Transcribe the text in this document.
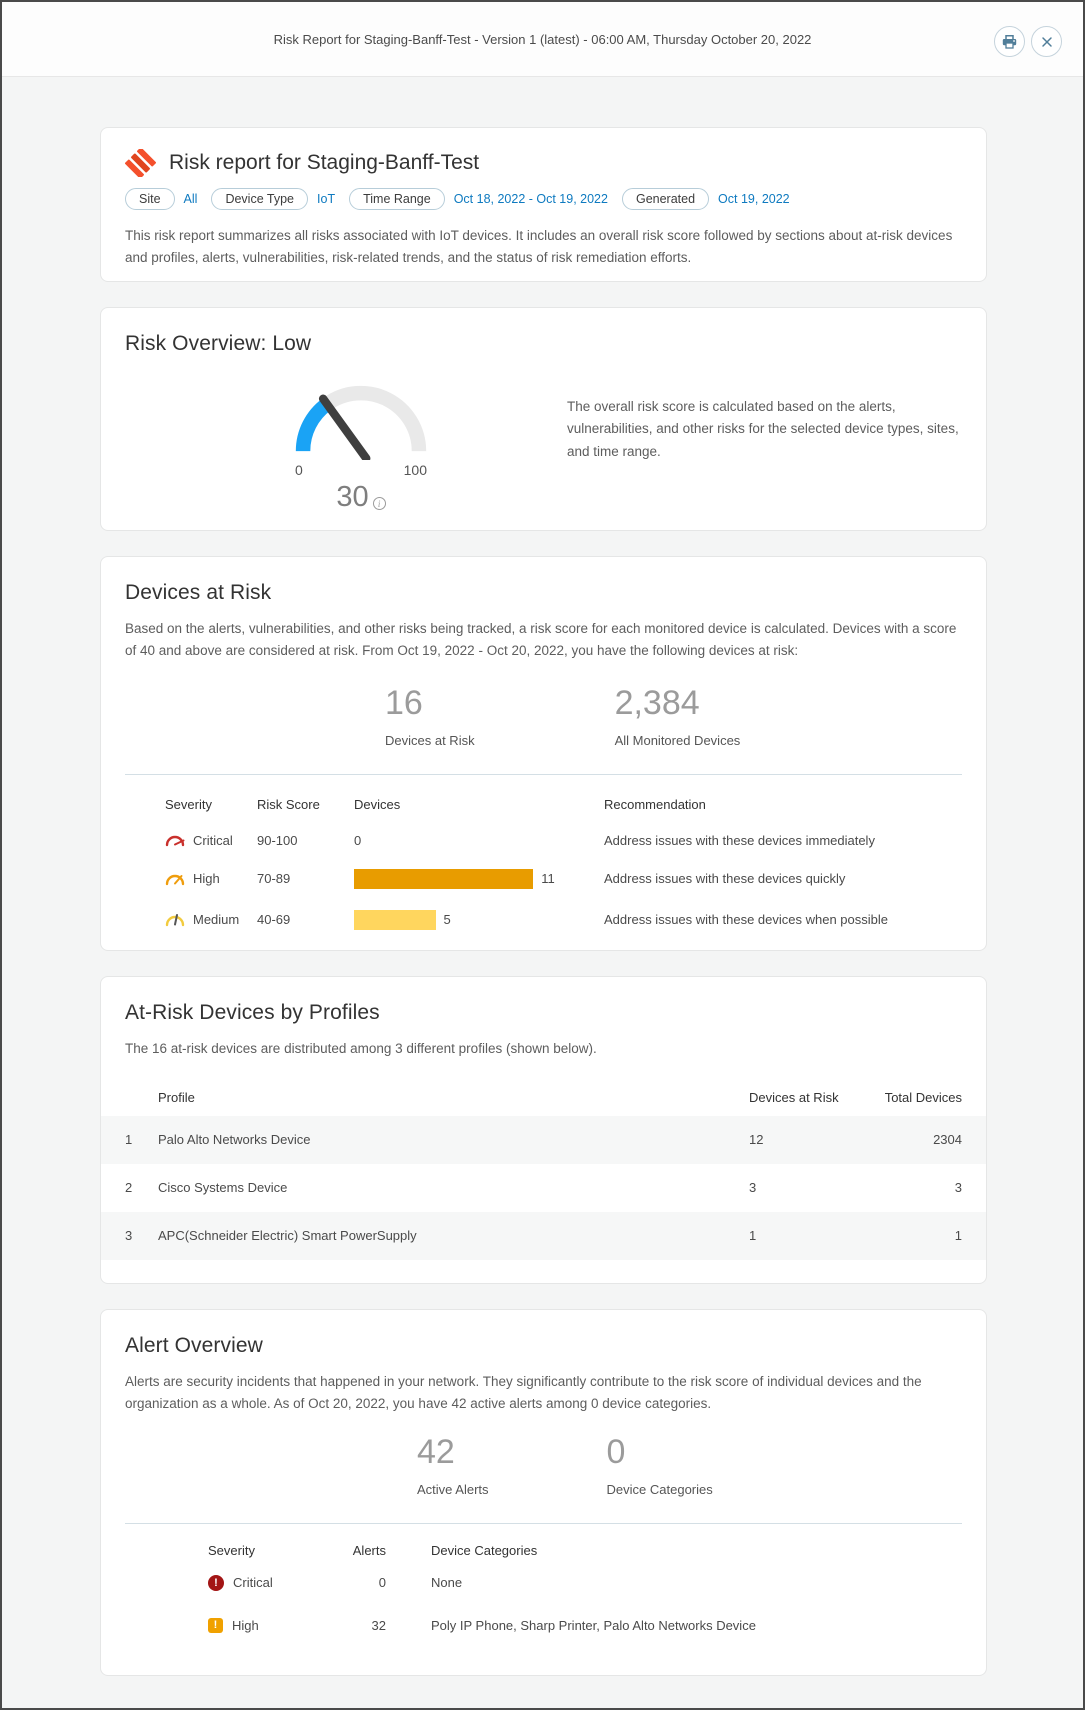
Risk Report for Staging-Banff-Test - Version 1 (latest) - 06:00 AM, Thursday October 20, 2022
Risk report for Staging-Banff-Test
Site	All	Device Type	IoT	Time Range	Oct 18, 2022 - Oct 19, 2022	Generated	Oct 19, 2022
This risk report summarizes all risks associated with IoT devices. It includes an overall risk score followed by sections about at-risk devices and profiles, alerts, vulnerabilities, risk-related trends, and the status of risk remediation efforts.
Risk Overview: Low
0	100
30 i
The overall risk score is calculated based on the alerts, vulnerabilities, and other risks for the selected device types, sites, and time range.
Devices at Risk
Based on the alerts, vulnerabilities, and other risks being tracked, a risk score for each monitored device is calculated. Devices with a score of 40 and above are considered at risk. From Oct 19, 2022 - Oct 20, 2022, you have the following devices at risk:
16
Devices at Risk
2,384
All Monitored Devices
Severity	Risk Score	Devices	Recommendation
Critical 90-100	0	Address issues with these devices immediately
High	70-89	11	Address issues with these devices quickly
Medium 40-69	5	Address issues with these devices when possible
At-Risk Devices by Profiles
The 16 at-risk devices are distributed among 3 different profiles (shown below).
Profile	Devices at Risk	Total Devices
1	Palo Alto Networks Device	12	2304
2	Cisco Systems Device	3	3
3	APC(Schneider Electric) Smart PowerSupply	1	1
Alert Overview
Alerts are security incidents that happened in your network. They significantly contribute to the risk score of individual devices and the organization as a whole. As of Oct 20, 2022, you have 42 active alerts among 0 device categories.
42
Active Alerts
0
Device Categories
Severity	Alerts	Device Categories
!	Critical	0	None
!	High	32	Poly IP Phone, Sharp Printer, Palo Alto Networks Device
